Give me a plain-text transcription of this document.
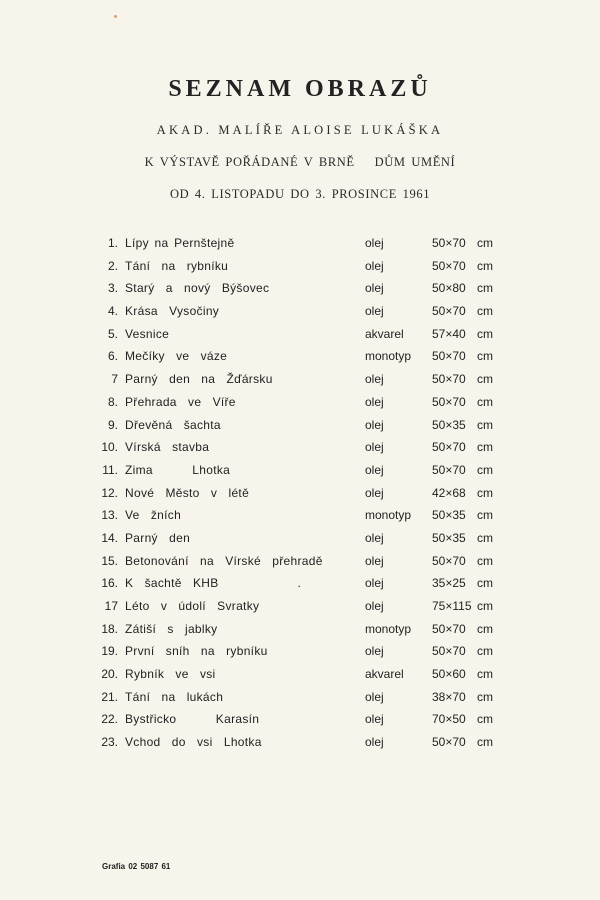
SEZNAM OBRAZŮ
AKAD. MALÍŘE ALOISE LUKÁŠKA
K VÝSTAVĚ POŘÁDANÉ V BRNĚ DŮM UMĚNÍ
OD 4. LISTOPADU DO 3. PROSINCE 1961
1. Lípy na Pernštejně	olej	50×70 cm
2. Tání  na  rybníku	olej	50×70 cm
3. Starý  a  nový  Býšovec	olej	50×80 cm
4. Krása  Vysočiny	olej	50×70 cm
5. Vesnice	akvarel 57×40 cm
6. Mečíky  ve  váze	monotyp 50×70 cm
7 Parný  den  na  Žďársku	olej	50×70 cm
8. Přehrada  ve  Víře	olej	50×70 cm
9. Dřevěná  šachta	olej	50×35 cm
10. Vírská  stavba	olej	50×70 cm
11. Zima       Lhotka	olej	50×70 cm
12. Nové  Město  v  létě	olej	42×68 cm
13. Ve  žních	monotyp 50×35 cm
14. Parný  den	olej	50×35 cm
15. Betonování  na  Vírské  přehradě	olej	50×70 cm
16. K  šachtě  KHB              .	olej	35×25 cm
17 Léto  v  údolí  Svratky	olej	75×115 cm
18. Zátiší  s  jablky	monotyp 50×70 cm
19. První  sníh  na  rybníku	olej	50×70 cm
20. Rybník  ve  vsi	akvarel 50×60 cm
21. Tání  na  lukách	olej	38×70 cm
22. Bystřicko       Karasín	olej	70×50 cm
23. Vchod  do  vsi  Lhotka	olej	50×70 cm
Grafia 02 5087 61
